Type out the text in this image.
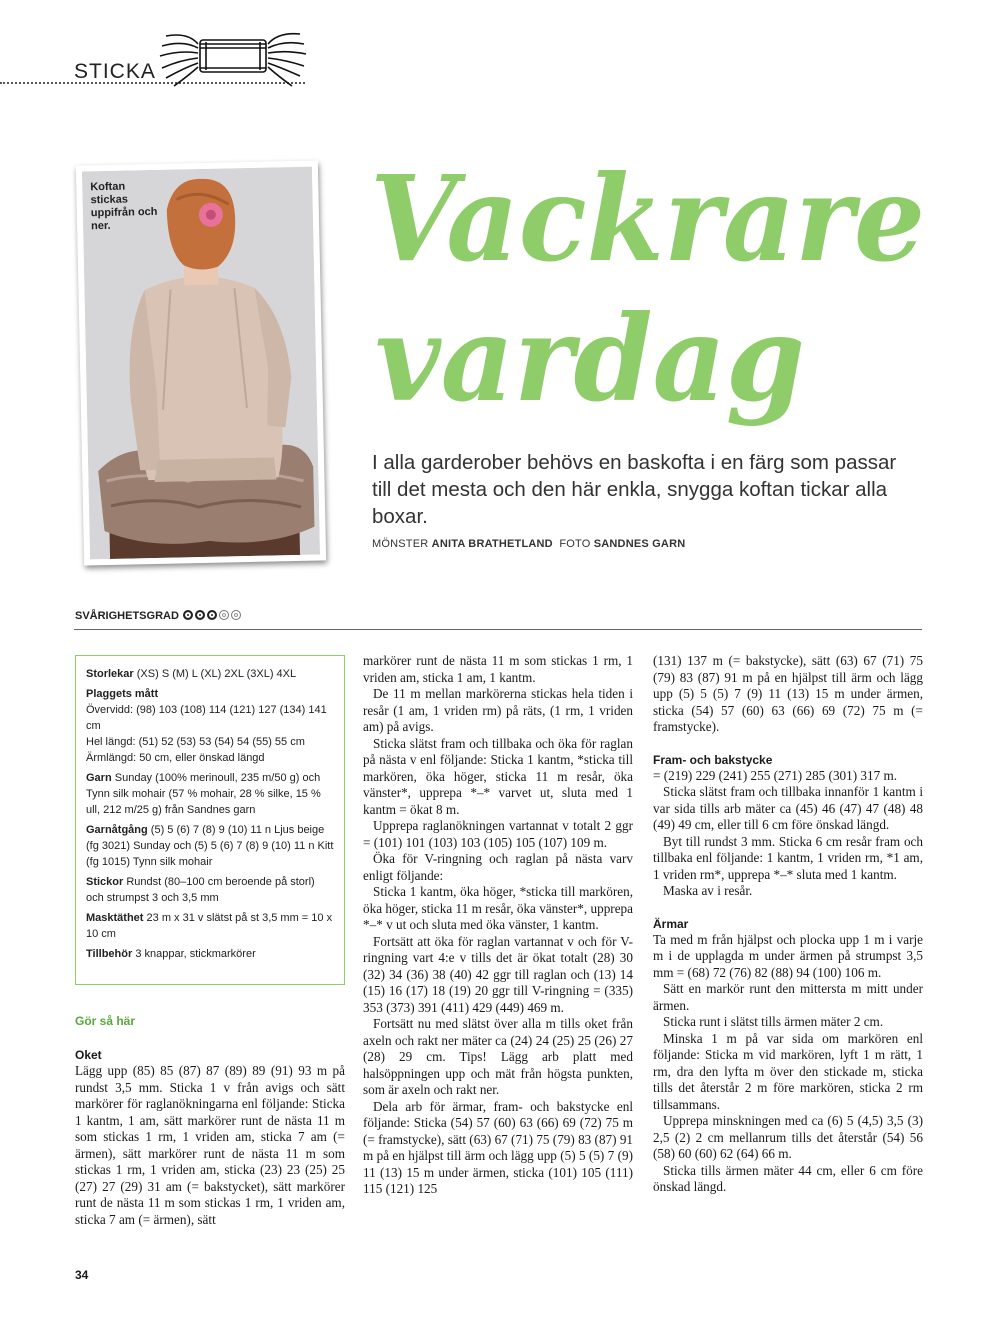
STICKA
Koftan stickas uppifrån och ner.	Vackrare
vardag
I alla garderober behövs en baskofta i en färg som passar till det mesta och den här enkla, snygga koftan tickar alla boxar.
MÖNSTER ANITA BRATHETLAND FOTO SANDNES GARN
SVÅRIGHETSGRAD
Storlekar (XS) S (M) L (XL) 2XL (3XL) 4XL
Plaggets mått
Övervidd: (98) 103 (108) 114 (121) 127 (134) 141 cm
Hel längd: (51) 52 (53) 53 (54) 54 (55) 55 cm
Ärmlängd: 50 cm, eller önskad längd
Garn Sunday (100% merinoull, 235 m/50 g) och Tynn silk mohair (57 % mohair, 28 % silke, 15 % ull, 212 m/25 g) från Sandnes garn
Garnåtgång (5) 5 (6) 7 (8) 9 (10) 11 n Ljus beige (fg 3021) Sunday och (5) 5 (6) 7 (8) 9 (10) 11 n Kitt (fg 1015) Tynn silk mohair
Stickor Rundst (80–100 cm beroende på storl) och strumpst 3 och 3,5 mm
Masktäthet 23 m x 31 v slätst på st 3,5 mm = 10 x 10 cm
Tillbehör 3 knappar, stickmarkörer
Gör så här
Oket

Lägg upp (85) 85 (87) 87 (89) 89 (91) 93 m på rundst 3,5 mm. Sticka 1 v från avigs och sätt markörer för raglanökningarna enl följande: Sticka 1 kantm, 1 am, sätt markörer runt de nästa 11 m som stickas 1 rm, 1 vriden am, sticka 7 am (= ärmen), sätt markörer runt de nästa 11 m som stickas 1 rm, 1 vriden am, sticka (23) 23 (25) 25 (27) 27 (29) 31 am (= bakstycket), sätt markörer runt de nästa 11 m som stickas 1 rm, 1 vriden am, sticka 7 am (= ärmen), sätt

markörer runt de nästa 11 m som stickas 1 rm, 1 vriden am, sticka 1 am, 1 kantm.

De 11 m mellan markörerna stickas hela tiden i resår (1 am, 1 vriden rm) på räts, (1 rm, 1 vriden am) på avigs.

Sticka slätst fram och tillbaka och öka för raglan på nästa v enl följande: Sticka 1 kantm, *sticka till markören, öka höger, sticka 11 m resår, öka vänster*, upprepa *–* varvet ut, sluta med 1 kantm = ökat 8 m.

Upprepa raglanökningen vartannat v totalt 2 ggr = (101) 101 (103) 103 (105) 105 (107) 109 m.

Öka för V-ringning och raglan på nästa varv enligt följande:

Sticka 1 kantm, öka höger, *sticka till markören, öka höger, sticka 11 m resår, öka vänster*, upprepa *–* v ut och sluta med öka vänster, 1 kantm.

Fortsätt att öka för raglan vartannat v och för V-ringning vart 4:e v tills det är ökat totalt (28) 30 (32) 34 (36) 38 (40) 42 ggr till raglan och (13) 14 (15) 16 (17) 18 (19) 20 ggr till V-ringning = (335) 353 (373) 391 (411) 429 (449) 469 m.

Fortsätt nu med slätst över alla m tills oket från axeln och rakt ner mäter ca (24) 24 (25) 25 (26) 27 (28) 29 cm. Tips! Lägg arb platt med halsöppningen upp och mät från högsta punkten, som är axeln och rakt ner.

Dela arb för ärmar, fram- och bakstycke enl följande: Sticka (54) 57 (60) 63 (66) 69 (72) 75 m (= framstycke), sätt (63) 67 (71) 75 (79) 83 (87) 91 m på en hjälpst till ärm och lägg upp (5) 5 (5) 7 (9) 11 (13) 15 m under ärmen, sticka (101) 105 (111) 115 (121) 125

(131) 137 m (= bakstycke), sätt (63) 67 (71) 75 (79) 83 (87) 91 m på en hjälpst till ärm och lägg upp (5) 5 (5) 7 (9) 11 (13) 15 m under ärmen, sticka (54) 57 (60) 63 (66) 69 (72) 75 m (= framstycke).

Fram- och bakstycke

= (219) 229 (241) 255 (271) 285 (301) 317 m.

Sticka slätst fram och tillbaka innanför 1 kantm i var sida tills arb mäter ca (45) 46 (47) 47 (48) 48 (49) 49 cm, eller till 6 cm före önskad längd.

Byt till rundst 3 mm. Sticka 6 cm resår fram och tillbaka enl följande: 1 kantm, 1 vriden rm, *1 am, 1 vriden rm*, upprepa *–* sluta med 1 kantm.

Maska av i resår.

Ärmar

Ta med m från hjälpst och plocka upp 1 m i varje m i de upplagda m under ärmen på strumpst 3,5 mm = (68) 72 (76) 82 (88) 94 (100) 106 m.

Sätt en markör runt den mittersta m mitt under ärmen.

Sticka runt i slätst tills ärmen mäter 2 cm.

Minska 1 m på var sida om markören enl följande: Sticka m vid markören, lyft 1 m rätt, 1 rm, dra den lyfta m över den stickade m, sticka tills det återstår 2 m före markören, sticka 2 rm tillsammans.

Upprepa minskningen med ca (6) 5 (4,5) 3,5 (3) 2,5 (2) 2 cm mellanrum tills det återstår (54) 56 (58) 60 (60) 62 (64) 66 m.

Sticka tills ärmen mäter 44 cm, eller 6 cm före önskad längd.

34
